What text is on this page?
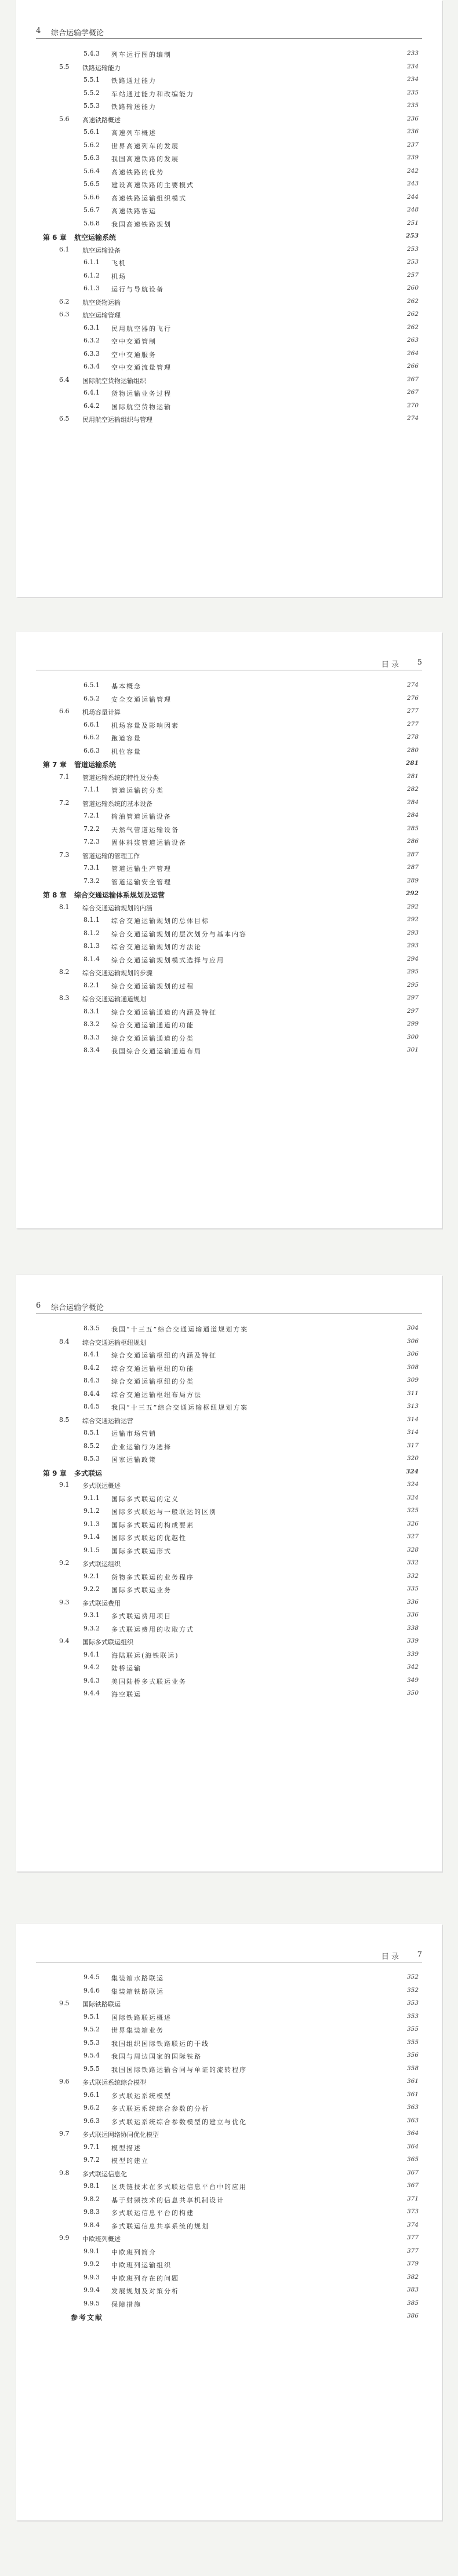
4 综合运输学概论
5.4.3 列车运行图的编制	233
5.5 铁路运输能力	234
5.5.1 铁路通过能力	234
5.5.2 车站通过能力和改编能力	235
5.5.3 铁路输送能力	235
5.6 高速铁路概述	236
5.6.1 高速列车概述	236
5.6.2 世界高速列车的发展	237
5.6.3 我国高速铁路的发展	239
5.6.4 高速铁路的优势	242
5.6.5 建设高速铁路的主要模式	243
5.6.6 高速铁路运输组织模式	244
5.6.7 高速铁路客运	248
5.6.8 我国高速铁路规划	251
第 6 章 航空运输系统	253
6.1 航空运输设备	253
6.1.1 飞机	253
6.1.2 机场	257
6.1.3 运行与导航设备	260
6.2 航空货物运输	262
6.3 航空运输管理	262
6.3.1 民用航空器的飞行	262
6.3.2 空中交通管制	263
6.3.3 空中交通服务	264
6.3.4 空中交通流量管理	266
6.4 国际航空货物运输组织	267
6.4.1 货物运输业务过程	267
6.4.2 国际航空货物运输	270
6.5 民用航空运输组织与管理	274
5
目 录
6.5.1 基本概念	274
6.5.2 安全交通运输管理	276
6.6 机场容量计算	277
6.6.1 机场容量及影响因素	277
6.6.2 跑道容量	278
6.6.3 机位容量	280
第 7 章 管道运输系统	281
7.1 管道运输系统的特性及分类	281
7.1.1 管道运输的分类	282
7.2 管道运输系统的基本设备	284
7.2.1 输油管道运输设备	284
7.2.2 天然气管道运输设备	285
7.2.3 固体料浆管道运输设备	286
7.3 管道运输的管理工作	287
7.3.1 管道运输生产管理	287
7.3.2 管道运输安全管理	289
第 8 章 综合交通运输体系规划及运营	292
8.1 综合交通运输规划的内涵	292
8.1.1 综合交通运输规划的总体目标	292
8.1.2 综合交通运输规划的层次划分与基本内容	293
8.1.3 综合交通运输规划的方法论	293
8.1.4 综合交通运输规划模式选择与应用	294
8.2 综合交通运输规划的步骤	295
8.2.1 综合交通运输规划的过程	295
8.3 综合交通运输通道规划	297
8.3.1 综合交通运输通道的内涵及特征	297
8.3.2 综合交通运输通道的功能	299
8.3.3 综合交通运输通道的分类	300
8.3.4 我国综合交通运输通道布局	301
6 综合运输学概论
8.3.5 我国“十三五”综合交通运输通道规划方案	304
8.4 综合交通运输枢纽规划	306
8.4.1 综合交通运输枢纽的内涵及特征	306
8.4.2 综合交通运输枢纽的功能	308
8.4.3 综合交通运输枢纽的分类	309
8.4.4 综合交通运输枢纽布局方法	311
8.4.5 我国“十三五”综合交通运输枢纽规划方案	313
8.5 综合交通运输运营	314
8.5.1 运输市场营销	314
8.5.2 企业运输行为选择	317
8.5.3 国家运输政策	320
第 9 章 多式联运	324
9.1 多式联运概述	324
9.1.1 国际多式联运的定义	324
9.1.2 国际多式联运与一般联运的区别	325
9.1.3 国际多式联运的构成要素	326
9.1.4 国际多式联运的优越性	327
9.1.5 国际多式联运形式	328
9.2 多式联运组织	332
9.2.1 货物多式联运的业务程序	332
9.2.2 国际多式联运业务	335
9.3 多式联运费用	336
9.3.1 多式联运费用项目	336
9.3.2 多式联运费用的收取方式	338
9.4 国际多式联运组织	339
9.4.1 海陆联运(海铁联运)	339
9.4.2 陆桥运输	342
9.4.3 美国陆桥多式联运业务	349
9.4.4 海空联运	350
7
目 录
9.4.5 集装箱水路联运	352
9.4.6 集装箱铁路联运	352
9.5 国际铁路联运	353
9.5.1 国际铁路联运概述	353
9.5.2 世界集装箱业务	355
9.5.3 我国组织国际铁路联运的干线	355
9.5.4 我国与周边国家的国际铁路	356
9.5.5 我国国际铁路运输合同与单证的流转程序	358
9.6 多式联运系统综合模型	361
9.6.1 多式联运系统模型	361
9.6.2 多式联运系统综合参数的分析	363
9.6.3 多式联运系统综合参数模型的建立与优化	363
9.7 多式联运网络协同优化模型	364
9.7.1 模型描述	364
9.7.2 模型的建立	365
9.8 多式联运信息化	367
9.8.1 区块链技术在多式联运信息平台中的应用	367
9.8.2 基于射频技术的信息共享机制设计	371
9.8.3 多式联运信息平台的构建	373
9.8.4 多式联运信息共享系统的规划	374
9.9 中欧班列概述	377
9.9.1 中欧班列简介	377
9.9.2 中欧班列运输组织	379
9.9.3 中欧班列存在的问题	382
9.9.4 发展规划及对策分析	383
9.9.5 保障措施	385
参考文献	386
